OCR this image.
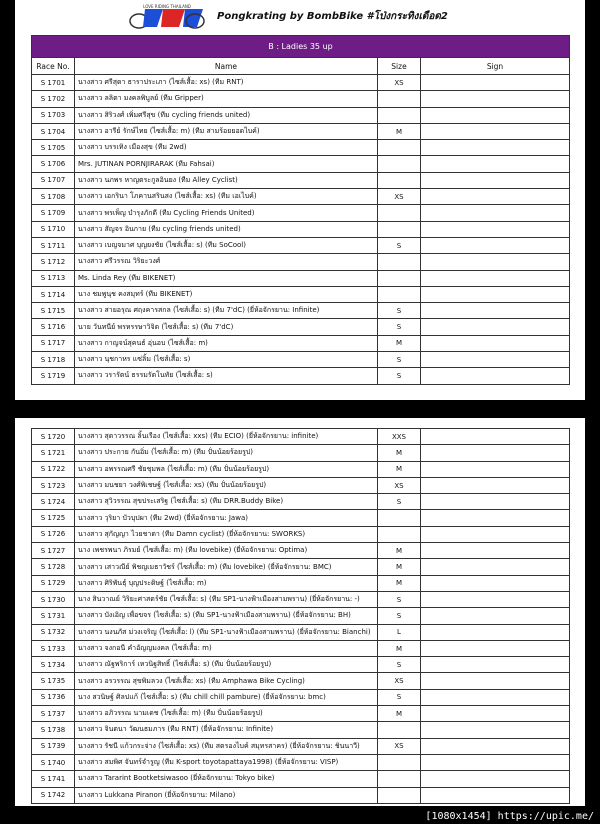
LOVE RIDING THAILAND
Pongkrating by BombBike #โป่งกระทิงเดือด2
B : Ladies 35 up			
Race No.	Name	Size	Sign
S 1701	นางสาว ศรีสุดา ธาราประเภา (ไซส์เสื้อ: xs) (ทีม RNT)	XS	
S 1702	นางสาว ลลิตา มงคลพิบูลย์ (ทีม Gripper)		
S 1703	นางสาว สิริวงศ์ เพิ่มศรีสุข (ทีม cycling friends united)		
S 1704	นางสาว อารีย์ รักษ์ไทย (ไซส์เสื้อ: m) (ทีม สามร้อยยอดไบค์)	M	
S 1705	นางสาว บรรเทิง เมืองสุข (ทีม 2wd)		
S 1706	Mrs. JUTINAN PORNJIRARAK (ทีม Fahsai)		
S 1707	นางสาว นภพร หาญตระกูลอินยง (ทีม Alley Cyclist)		
S 1708	นางสาว เอกรินา โภคานสรินสง (ไซส์เสื้อ: xs) (ทีม เอเไบค์)	XS	
S 1709	นางสาว พรเพ็ญ บำรุงภักดี (ทีม Cycling Friends United)		
S 1710	นางสาว สัญจร อินกาย (ทีม cycling friends united)		
S 1711	นางสาว เบญจมาศ บุญยงชัย (ไซส์เสื้อ: s) (ทีม SoCool)	S	
S 1712	นางสาว ศรีวรรณ วิริยะวงศ์		
S 1713	Ms. Linda Rey (ทีม BIKENET)		
S 1714	นาง ชมพูนุช คงสมุทร์ (ทีม BIKENET)		
S 1715	นางสาว สายอรุณ ศฤงคารสกล (ไซส์เสื้อ: s) (ทีม 7'dC) (ยี่ห้อจักรยาน: Infinite)	S	
S 1716	นาย วันทนีย์ พรหรรษาวิจิต (ไซส์เสื้อ: s) (ทีม 7'dC)	S	
S 1717	นางสาว กาญจน์สุคนธ์ อุ่นอบ (ไซส์เสื้อ: m)	M	
S 1718	นางสาว นุชกาหร แซ่ลิ้ม (ไซส์เสื้อ: s)	S	
S 1719	นางสาว วรารัตน์ ธรรมรัตโนทัย (ไซส์เสื้อ: s)	S	
S 1720	นางสาว สุดาวรรณ ลิ้นเรือง (ไซส์เสื้อ: xxs) (ทีม ECIO) (ยี่ห้อจักรยาน: infinite)	XXS	
S 1721	นางสาว ประกาย กันอิ่ม (ไซส์เสื้อ: m) (ทีม ปั่นน้อยร้อยรูป)	M	
S 1722	นางสาว อพรรณศรี ชัยชุมพล (ไซส์เสื้อ: m) (ทีม ปั่นน้อยร้อยรูป)	M	
S 1723	นางสาว มนชยา วงศ์พิเชษฐ์ (ไซส์เสื้อ: xs) (ทีม ปั่นน้อยร้อยรูป)	XS	
S 1724	นางสาว สุวิวรรณ สุขประเสริฐ (ไซส์เสื้อ: s) (ทีม DRR.Buddy Bike)	S	
S 1725	นางสาว วุริยา บัวบุปผา (ทีม 2wd) (ยี่ห้อจักรยาน: Jawa)		
S 1726	นางสาว สุกัญญา ไวยชาตา (ทีม Damn cyclist) (ยี่ห้อจักรยาน: SWORKS)		
S 1727	นาง เพชรพนา ภิรมย์ (ไซส์เสื้อ: m) (ทีม lovebike) (ยี่ห้อจักรยาน: Optima)	M	
S 1728	นางสาว เสาวณีย์ พิชญเมธาวัชร์ (ไซส์เสื้อ: m) (ทีม lovebike) (ยี่ห้อจักรยาน: BMC)	M	
S 1729	นางสาว ศิริพันธุ์ บุญประดิษฐ์ (ไซส์เสื้อ: m)	M	
S 1730	นาง สินวาณย์ วิริยะศาสตร์ชัย (ไซส์เสื้อ: s) (ทีม SP1-นางฟ้าเมืองสามพราน) (ยี่ห้อจักรยาน: -)	S	
S 1731	นางสาว บังเอิญ เพื่อขจร (ไซส์เสื้อ: s) (ทีม SP1-นางฟ้าเมืองสามพราน) (ยี่ห้อจักรยาน: BH)	S	
S 1732	นางสาว นงนภัส ม่วงเจริญ (ไซส์เสื้อ: l) (ทีม SP1-นางฟ้าเมืองสามพราน) (ยี่ห้อจักรยาน: Bianchi)	L	
S 1733	นางสาว จงกอนี คำอัญญมงคล (ไซส์เสื้อ: m)	M	
S 1734	นางสาว ณัฐพริการ์ เหวนิฐสิทธิ์ (ไซส์เสื้อ: s) (ทีม ปั่นน้อยร้อยรูป)	S	
S 1735	นางสาว อรวรรณ สุขพิมลวง (ไซส์เสื้อ: xs) (ทีม Amphawa Bike Cycling)	XS	
S 1736	นาง สวนิษฐ์ ศิลปแก้ (ไซส์เสื้อ: s) (ทีม chill chill pambure) (ยี่ห้อจักรยาน: bmc)	S	
S 1737	นางสาว อภิวรรณ นามเดช (ไซส์เสื้อ: m) (ทีม ปั่นน้อยร้อยรูป)	M	
S 1738	นางสาว จินตนา วัฒนธมภาร (ทีม RNT) (ยี่ห้อจักรยาน: Infinite)		
S 1739	นางสาว รัชนี แก้วกระจ่าง (ไซส์เสื้อ: xs) (ทีม สตรองไบค์ สมุทรสาคร) (ยี่ห้อจักรยาน: ชินนาวี)	XS	
S 1740	นางสาว สมพิศ จันทร์จำรูญ (ทีม K-sport toyotapattaya1998) (ยี่ห้อจักรยาน: VISP)		
S 1741	นางสาว Tararint Bootketsiwasoo (ยี่ห้อจักรยาน: Tokyo bike)		
S 1742	นางสาว Lukkana Piranon (ยี่ห้อจักรยาน: Milano)		
[1080x1454] https://upic.me/
